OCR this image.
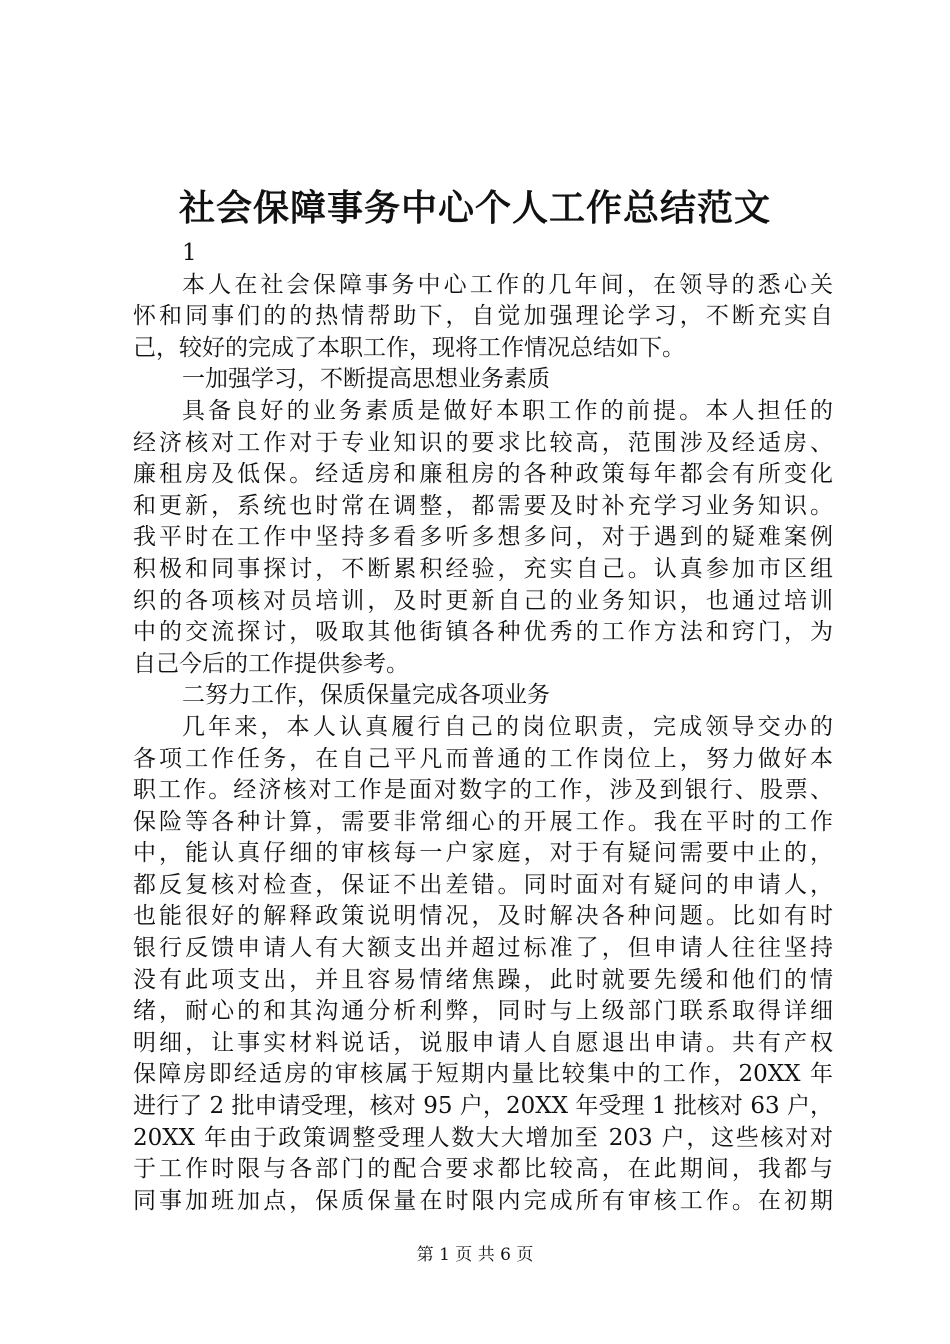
社会保障事务中心个人工作总结范文
1
本人在社会保障事务中心工作的几年间，在领导的悉心关
怀和同事们的的热情帮助下，自觉加强理论学习，不断充实自
己，较好的完成了本职工作，现将工作情况总结如下。
一加强学习，不断提高思想业务素质
具备良好的业务素质是做好本职工作的前提。本人担任的
经济核对工作对于专业知识的要求比较高，范围涉及经适房、
廉租房及低保。经适房和廉租房的各种政策每年都会有所变化
和更新，系统也时常在调整，都需要及时补充学习业务知识。
我平时在工作中坚持多看多听多想多问，对于遇到的疑难案例
积极和同事探讨，不断累积经验，充实自己。认真参加市区组
织的各项核对员培训，及时更新自己的业务知识，也通过培训
中的交流探讨，吸取其他街镇各种优秀的工作方法和窍门，为
自己今后的工作提供参考。
二努力工作，保质保量完成各项业务
几年来，本人认真履行自己的岗位职责，完成领导交办的
各项工作任务，在自己平凡而普通的工作岗位上，努力做好本
职工作。经济核对工作是面对数字的工作，涉及到银行、股票、
保险等各种计算，需要非常细心的开展工作。我在平时的工作
中，能认真仔细的审核每一户家庭，对于有疑问需要中止的，
都反复核对检查，保证不出差错。同时面对有疑问的申请人，
也能很好的解释政策说明情况，及时解决各种问题。比如有时
银行反馈申请人有大额支出并超过标准了，但申请人往往坚持
没有此项支出，并且容易情绪焦躁，此时就要先缓和他们的情
绪，耐心的和其沟通分析利弊，同时与上级部门联系取得详细
明细，让事实材料说话，说服申请人自愿退出申请。共有产权
保障房即经适房的审核属于短期内量比较集中的工作，20XX 年
进行了 2 批申请受理，核对 95 户，20XX 年受理 1 批核对 63 户，
20XX 年由于政策调整受理人数大大增加至 203 户，这些核对对
于工作时限与各部门的配合要求都比较高，在此期间，我都与
同事加班加点，保质保量在时限内完成所有审核工作。在初期
第 1 页 共 6 页
